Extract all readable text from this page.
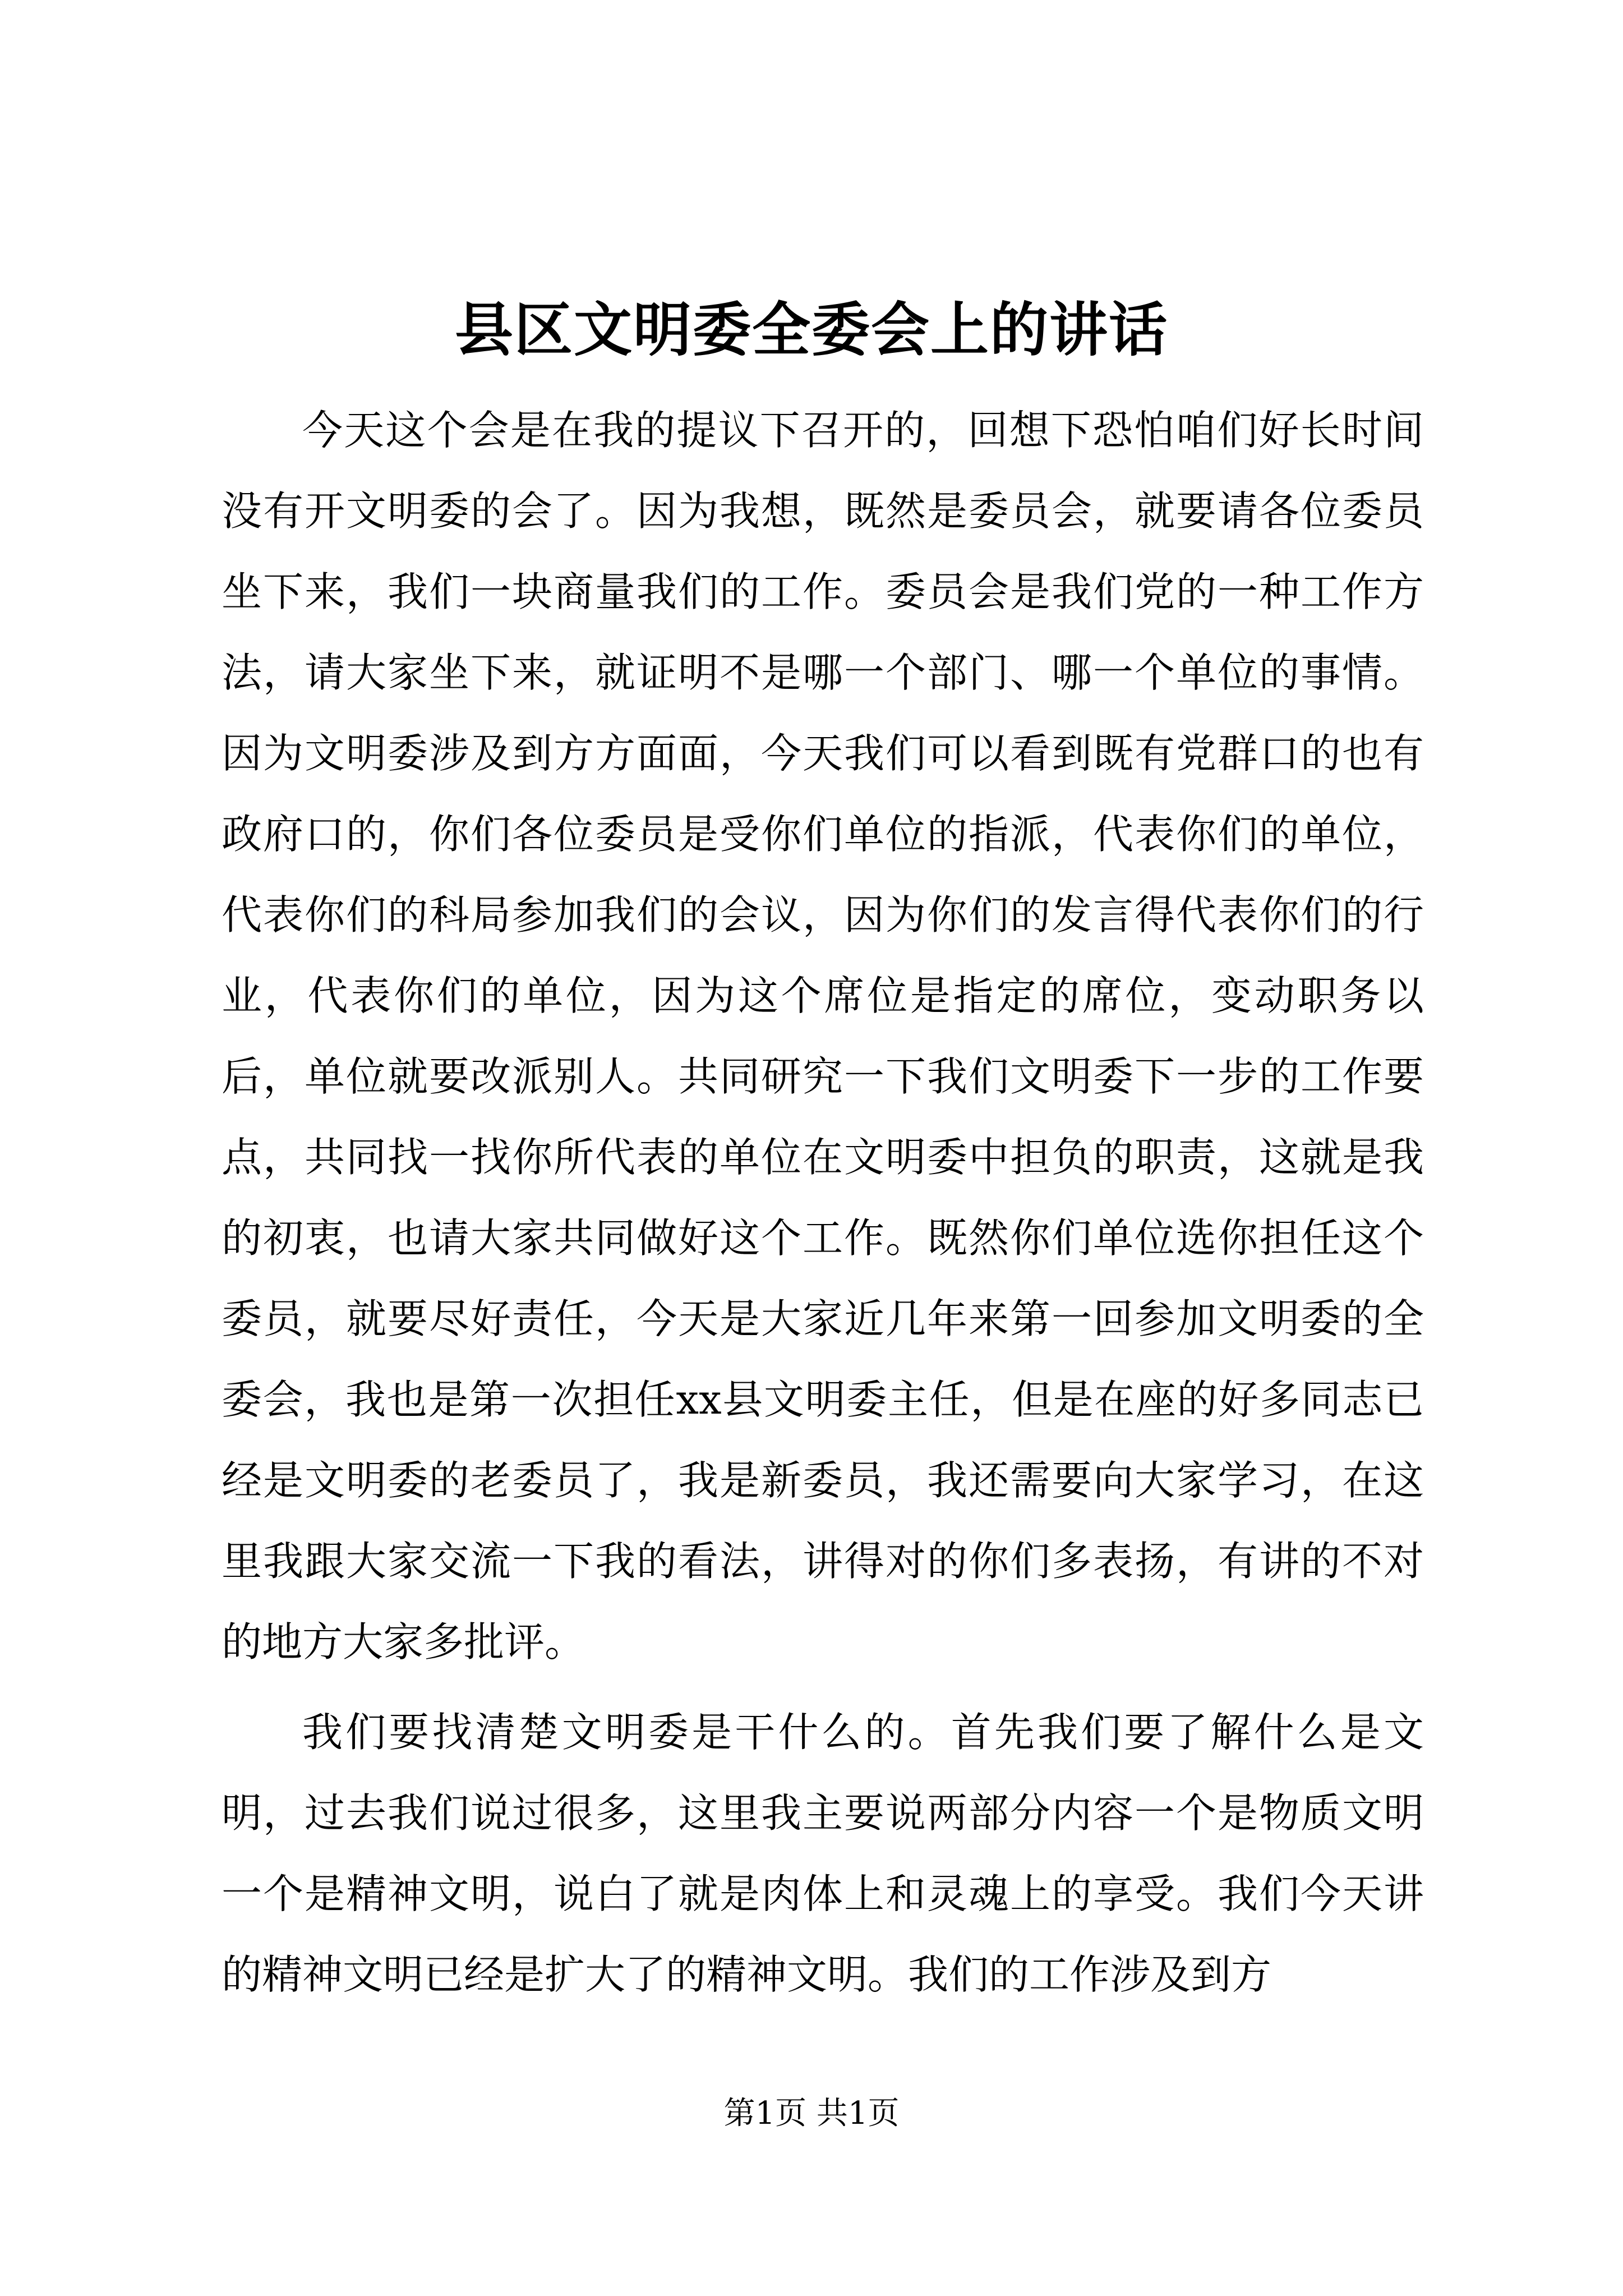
县区文明委全委会上的讲话

今天这个会是在我的提议下召开的，回想下恐怕咱们好长时间没有开文明委的会了。因为我想，既然是委员会，就要请各位委员坐下来，我们一块商量我们的工作。委员会是我们党的一种工作方法，请大家坐下来，就证明不是哪一个部门、哪一个单位的事情。因为文明委涉及到方方面面，今天我们可以看到既有党群口的也有政府口的，你们各位委员是受你们单位的指派，代表你们的单位，代表你们的科局参加我们的会议，因为你们的发言得代表你们的行业，代表你们的单位，因为这个席位是指定的席位，变动职务以后，单位就要改派别人。共同研究一下我们文明委下一步的工作要点，共同找一找你所代表的单位在文明委中担负的职责，这就是我的初衷，也请大家共同做好这个工作。既然你们单位选你担任这个委员，就要尽好责任，今天是大家近几年来第一回参加文明委的全委会，我也是第一次担任xx县文明委主任，但是在座的好多同志已经是文明委的老委员了，我是新委员，我还需要向大家学习，在这里我跟大家交流一下我的看法，讲得对的你们多表扬，有讲的不对的地方大家多批评。

我们要找清楚文明委是干什么的。首先我们要了解什么是文明，过去我们说过很多，这里我主要说两部分内容一个是物质文明一个是精神文明，说白了就是肉体上和灵魂上的享受。我们今天讲的精神文明已经是扩大了的精神文明。我们的工作涉及到方

第1页 共1页
